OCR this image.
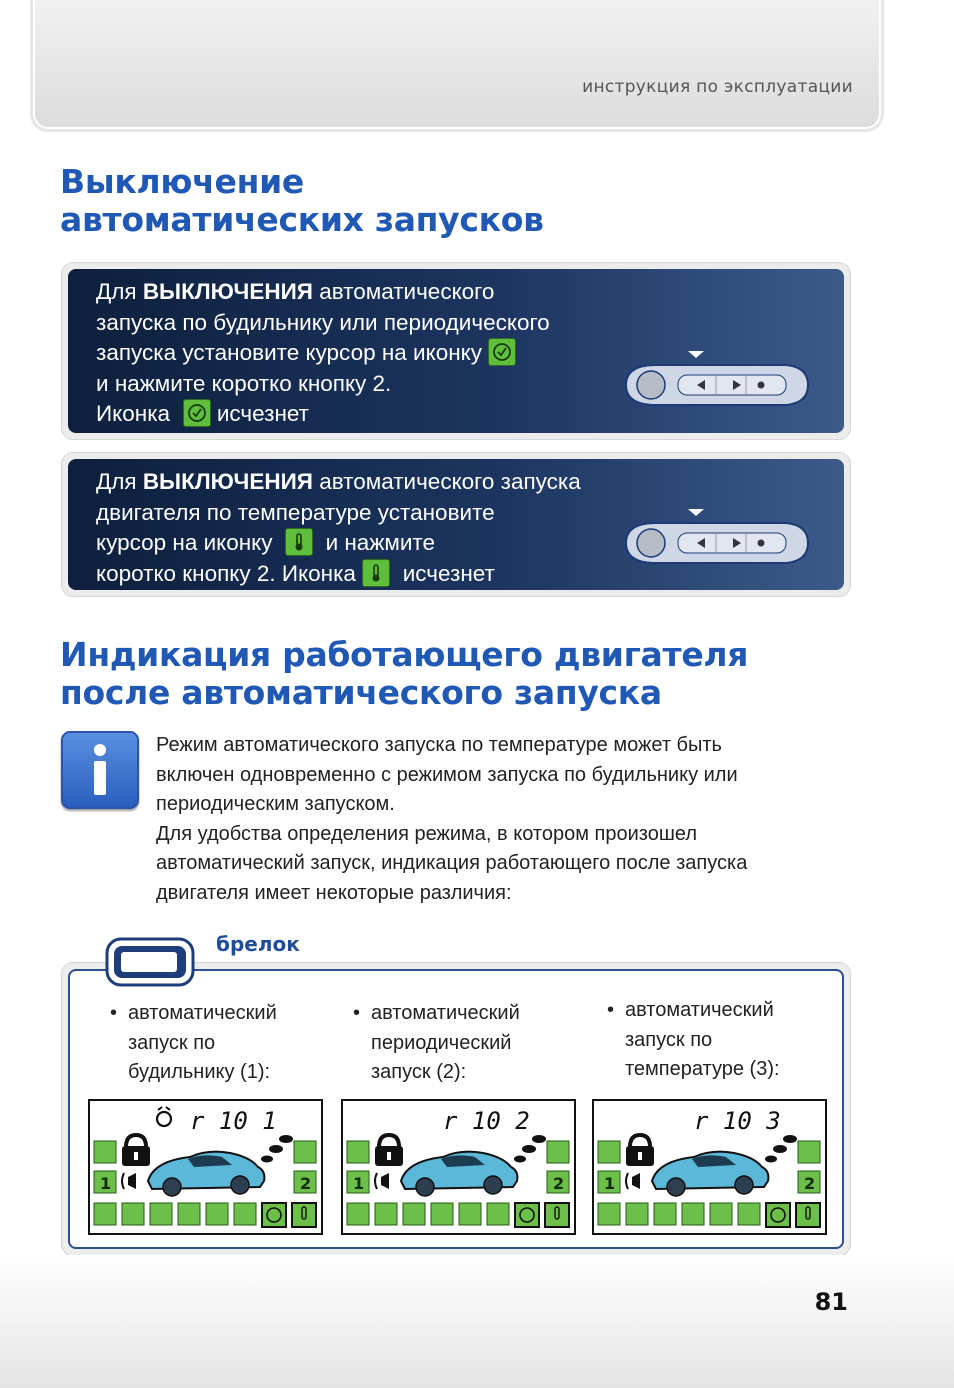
инструкция по эксплуатации
Выключение
автоматических запусков
Для ВЫКЛЮЧЕНИЯ автоматического
запуска по будильнику или периодического
запуска установите курсор на иконку
и нажмите коротко кнопку 2.
Иконка исчезнет
Для ВЫКЛЮЧЕНИЯ автоматического запуска
двигателя по температуре установите
курсор на иконку и нажмите
коротко кнопку 2. Иконка исчезнет
Индикация работающего двигателя
после автоматического запуска
Режим автоматического запуска по температуре может быть
включен одновременно с режимом запуска по будильнику или
периодическим запуском.
Для удобства определения режима, в котором произошел
автоматический запуск, индикация работающего после запуска
двигателя имеет некоторые различия:
брелок
• автоматический
запуск по
будильнику (1):
• автоматический
периодический
запуск (2):
• автоматический
запуск по
температуре (3):
r 10 1
1	2
r 10 2
1	2
r 10 3
1	2
81
